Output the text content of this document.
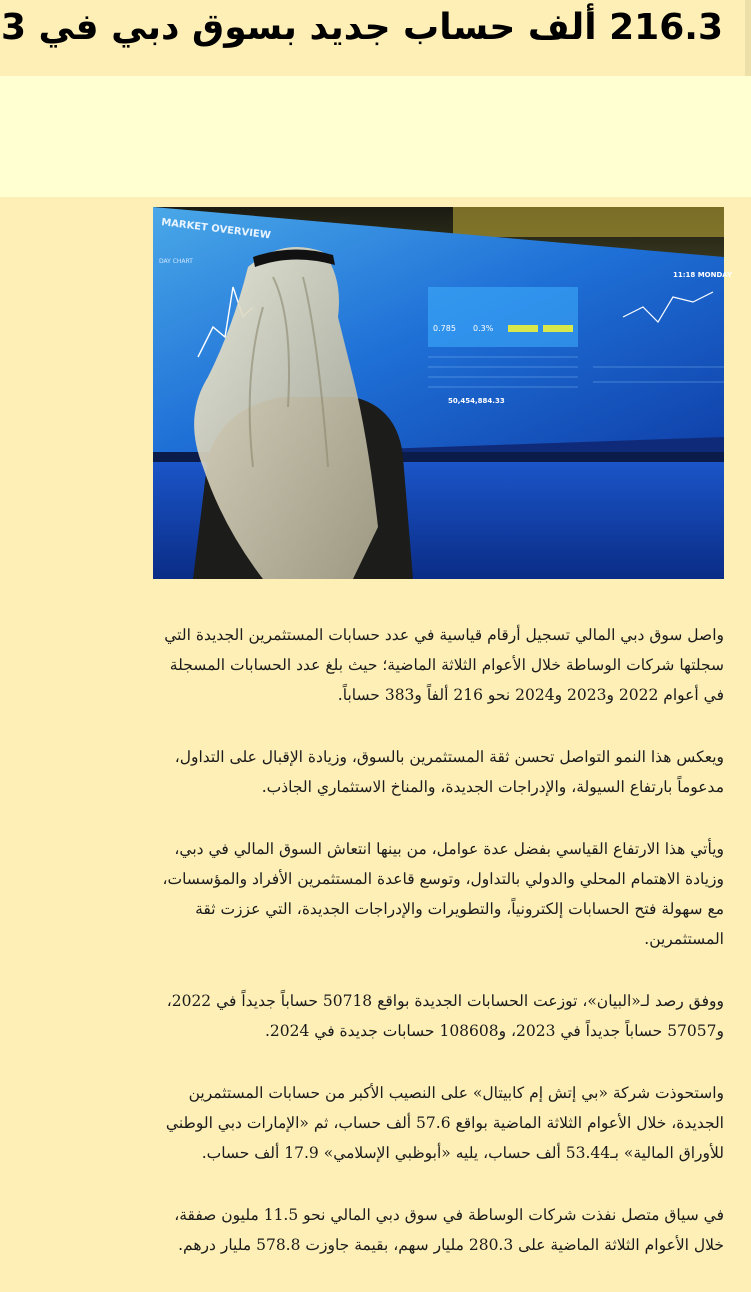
216.3 ألف حساب جديد بسوق دبي في 3
MARKET OVERVIEW
DAY CHART
11:18 MONDAY
0.785 0.3%
50,454,884.33

واصل سوق دبي المالي تسجيل أرقام قياسية في عدد حسابات المستثمرين الجديدة التي سجلتها شركات الوساطة خلال الأعوام الثلاثة الماضية؛ حيث بلغ عدد الحسابات المسجلة في أعوام 2022 و2023 و2024 نحو 216 ألفاً و383 حساباً.

ويعكس هذا النمو التواصل تحسن ثقة المستثمرين بالسوق، وزيادة الإقبال على التداول، مدعوماً بارتفاع السيولة، والإدراجات الجديدة، والمناخ الاستثماري الجاذب.

ويأتي هذا الارتفاع القياسي بفضل عدة عوامل، من بينها انتعاش السوق المالي في دبي، وزيادة الاهتمام المحلي والدولي بالتداول، وتوسع قاعدة المستثمرين الأفراد والمؤسسات، مع سهولة فتح الحسابات إلكترونياً، والتطويرات والإدراجات الجديدة، التي عززت ثقة المستثمرين.

ووفق رصد لـ«البيان»، توزعت الحسابات الجديدة بواقع 50718 حساباً جديداً في 2022، و57057 حساباً جديداً في 2023، و108608 حسابات جديدة في 2024.

واستحوذت شركة «بي إتش إم كابيتال» على النصيب الأكبر من حسابات المستثمرين الجديدة، خلال الأعوام الثلاثة الماضية بواقع 57.6 ألف حساب، ثم «الإمارات دبي الوطني للأوراق المالية» بـ53.44 ألف حساب، يليه «أبوظبي الإسلامي» 17.9 ألف حساب.

في سياق متصل نفذت شركات الوساطة في سوق دبي المالي نحو 11.5 مليون صفقة، خلال الأعوام الثلاثة الماضية على 280.3 مليار سهم، بقيمة جاوزت 578.8 مليار درهم.
